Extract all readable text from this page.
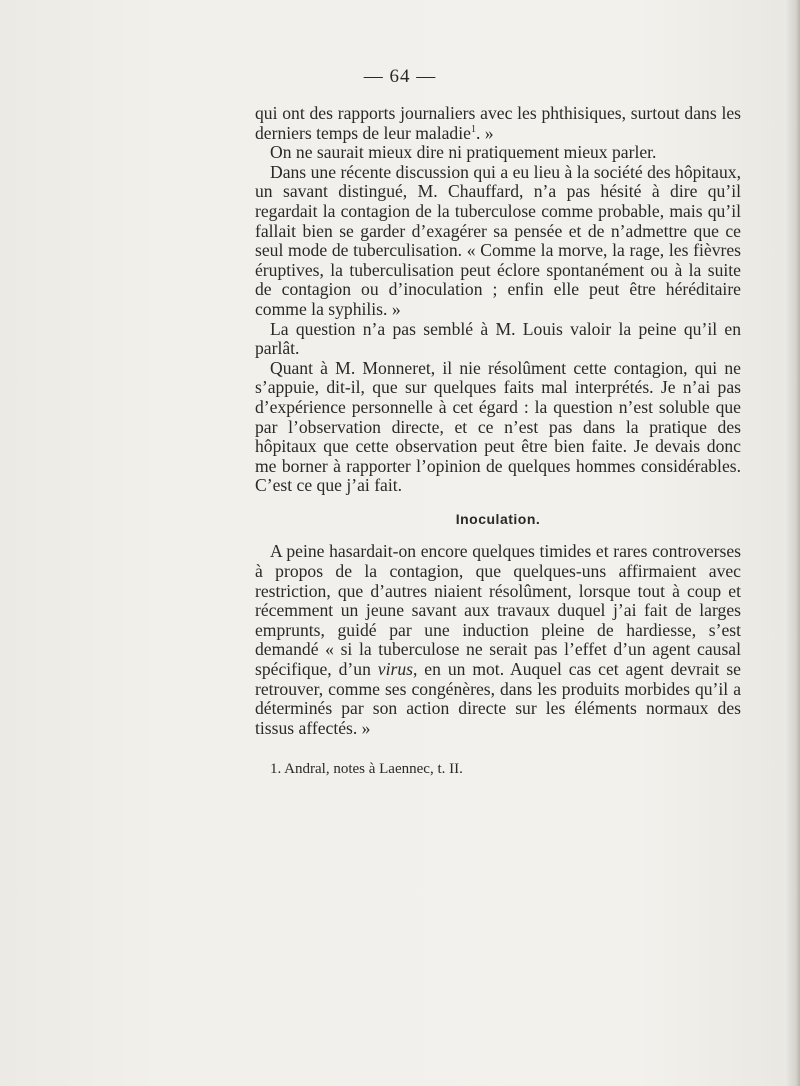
— 64 —

qui ont des rapports journaliers avec les phthisiques, surtout dans les derniers temps de leur maladie$^1$. »

On ne saurait mieux dire ni pratiquement mieux parler.

Dans une récente discussion qui a eu lieu à la société des hôpitaux, un savant distingué, M. Chauffard, n’a pas hésité à dire qu’il regardait la contagion de la tuberculose comme probable, mais qu’il fallait bien se garder d’exagérer sa pensée et de n’admettre que ce seul mode de tuberculisation. « Comme la morve, la rage, les fièvres éruptives, la tuberculisation peut éclore spontanément ou à la suite de contagion ou d’inoculation ; enfin elle peut être héréditaire comme la syphilis. »

La question n’a pas semblé à M. Louis valoir la peine qu’il en parlât.

Quant à M. Monneret, il nie résolûment cette contagion, qui ne s’appuie, dit-il, que sur quelques faits mal interprétés. Je n’ai pas d’expérience personnelle à cet égard : la question n’est soluble que par l’observation directe, et ce n’est pas dans la pratique des hôpitaux que cette observation peut être bien faite. Je devais donc me borner à rapporter l’opinion de quelques hommes considérables. C’est ce que j’ai fait.

Inoculation.

A peine hasardait-on encore quelques timides et rares controverses à propos de la contagion, que quelques-uns affirmaient avec restriction, que d’autres niaient résolûment, lorsque tout à coup et récemment un jeune savant aux travaux duquel j’ai fait de larges emprunts, guidé par une induction pleine de hardiesse, s’est demandé « si la tuberculose ne serait pas l’effet d’un agent causal spécifique, d’un virus, en un mot. Auquel cas cet agent devrait se retrouver, comme ses congénères, dans les produits morbides qu’il a déterminés par son action directe sur les éléments normaux des tissus affectés. »

1. Andral, notes à Laennec, t. II.
